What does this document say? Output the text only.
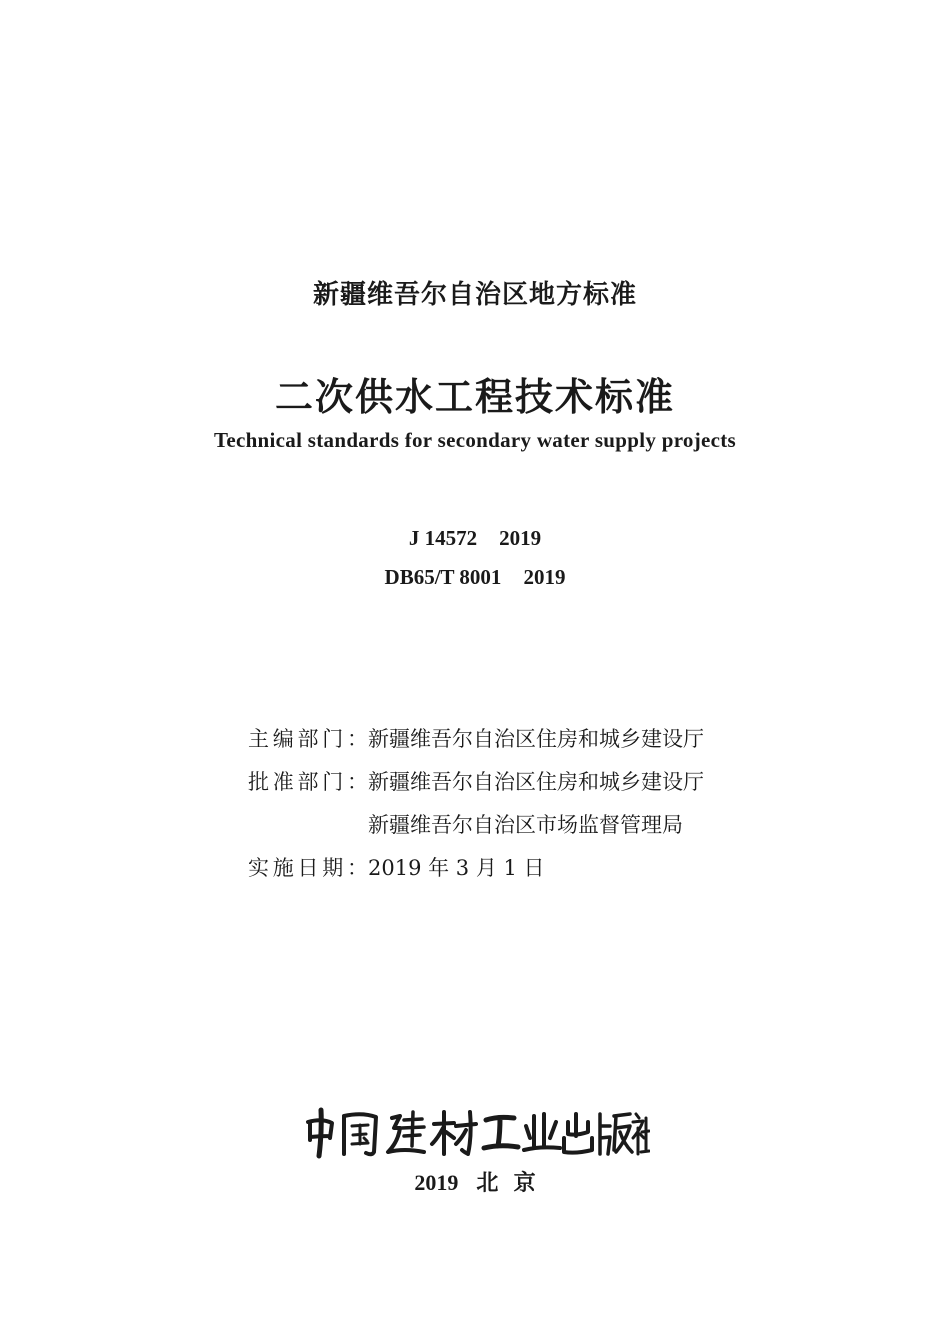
新疆维吾尔自治区地方标准
二次供水工程技术标准
Technical standards for secondary water supply projects
J 14572 2019
DB65/T 8001 2019
主编部门： 新疆维吾尔自治区住房和城乡建设厅
批准部门： 新疆维吾尔自治区住房和城乡建设厅
新疆维吾尔自治区市场监督管理局
实施日期： 2019 年 3 月 1 日
2019 北  京
